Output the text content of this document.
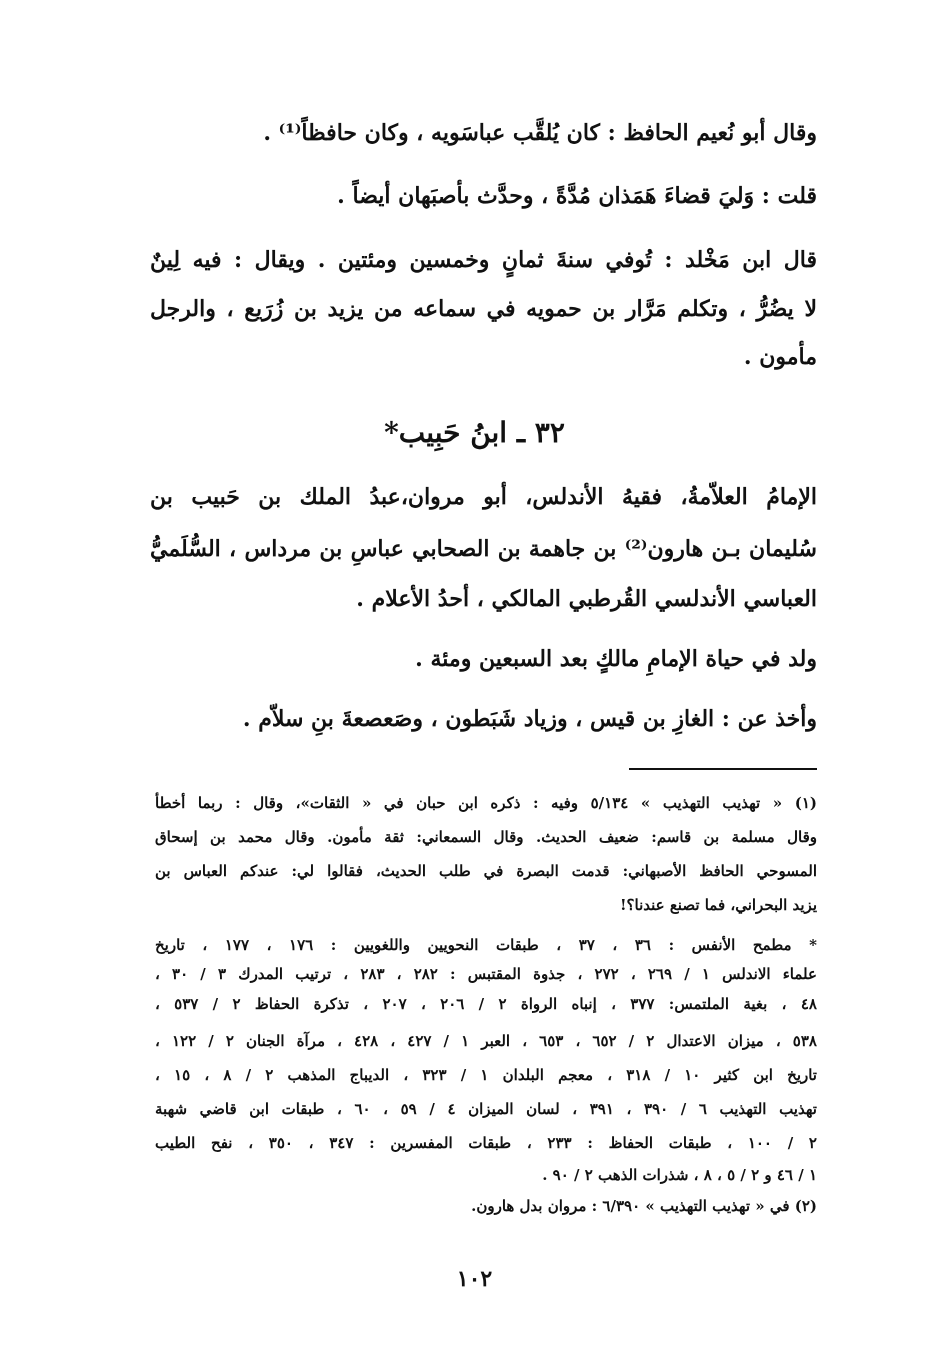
وقال أبو نُعيم الحافظ : كان يُلقَّب عباسَويه ، وكان حافظاً⁽¹⁾ .
قلت : وَليَ قضاءَ هَمَذان مُدَّةً ، وحدَّث بأصبَهان أيضاً .
قال ابن مَخْلد : تُوفي سنةَ ثمانٍ وخمسين ومئتين . ويقال : فيه لِينٌ
لا يضُرُّ ، وتكلم مَرَّار بن حمويه في سماعه من يزيد بن زُرَيع ، والرجل
مأمون .
٣٢ ـ ابنُ حَبِيب*
الإمامُ العلاّمةُ، فقيهُ الأندلس، أبو مروان،عبدُ الملك بن حَبيب بن
سُليمان بـن هارون⁽²⁾ بن جاهمة بن الصحابي عباسِ بن مرداس ، السُّلَميُّ
العباسي الأندلسي القُرطبي المالكي ، أحدُ الأعلام .
ولد في حياة الإمامِ مالكٍ بعد السبعين ومئة .
وأخذ عن : الغازِ بن قيس ، وزياد شَبَطون ، وصَعصعةَ بنِ سلاّم .
(١) « تهذيب التهذيب » ٥/١٣٤ وفيه : ذكره ابن حبان في « الثقات»، وقال : ربما أخطأ
وقال مسلمة بن قاسم: ضعيف الحديث. وقال السمعاني: ثقة مأمون. وقال محمد بن إسحاق
المسوحي الحافظ الأصبهاني: قدمت البصرة في طلب الحديث، فقالوا لي: عندكم العباس بن
يزيد البحراني، فما تصنع عندنا؟!
* مطمح الأنفس : ٣٦ ، ٣٧ ، طبقات النحويين واللغويين : ١٧٦ ، ١٧٧ ، تاريخ
علماء الاندلس ١ / ٢٦٩ ، ٢٧٢ ، جذوة المقتبس : ٢٨٢ ، ٢٨٣ ، ترتيب المدرك ٣ / ٣٠ ،
٤٨ ، بغية الملتمس: ٣٧٧ ، إنباه الرواة ٢ / ٢٠٦ ، ٢٠٧ ، تذكرة الحفاظ ٢ / ٥٣٧ ،
٥٣٨ ، ميزان الاعتدال ٢ / ٦٥٢ ، ٦٥٣ ، العبر ١ / ٤٢٧ ، ٤٢٨ ، مرآة الجنان ٢ / ١٢٢ ،
تاريخ ابن كثير ١٠ / ٣١٨ ، معجم البلدان ١ / ٣٢٣ ، الديباج المذهب ٢ / ٨ ، ١٥ ،
تهذيب التهذيب ٦ / ٣٩٠ ، ٣٩١ ، لسان الميزان ٤ / ٥٩ ، ٦٠ ، طبقات ابن قاضي شهبة
٢ / ١٠٠ ، طبقات الحفاظ : ٢٣٣ ، طبقات المفسرين : ٣٤٧ ، ٣٥٠ ، نفح الطيب
١ / ٤٦ و ٢ / ٥ ، ٨ ، شذرات الذهب ٢ / ٩٠ .
(٢) في « تهذيب التهذيب » ٦/٣٩٠ : مروان بدل هارون.
١٠٢
